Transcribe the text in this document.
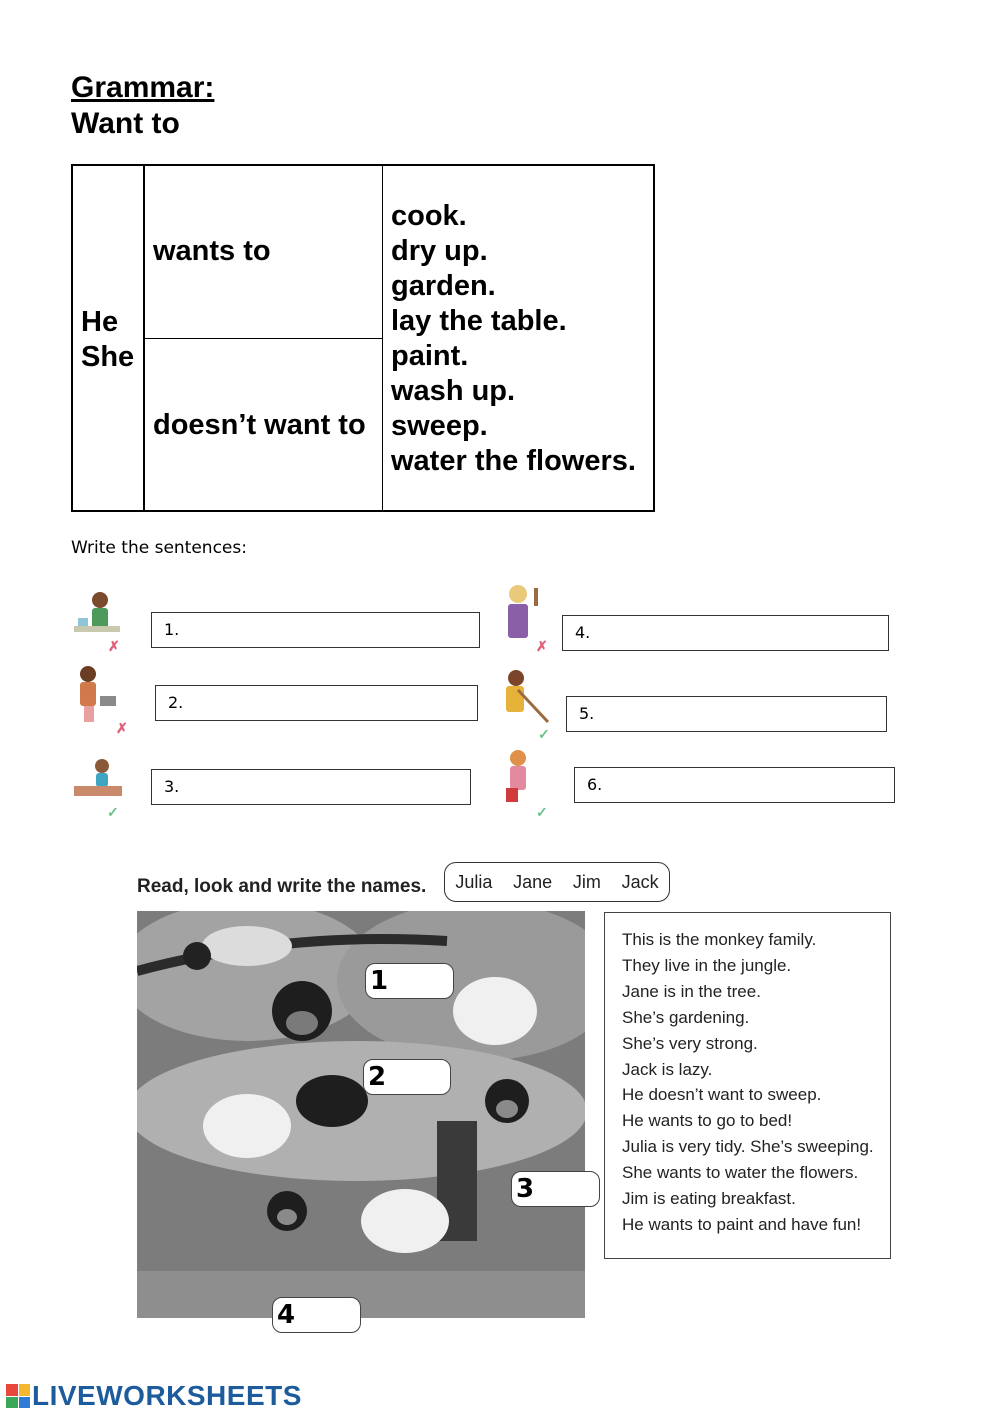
Grammar:
Want to
He
She
wants to
doesn’t want to
cook.
dry up.
garden.
lay the table.
paint.
wash up.
sweep.
water the flowers.
Write the sentences:
✗
✗
✓
✗
✓
✓
1.
2.
3.
4.
5.
6.
Read, look and write the names. Julia Jane Jim Jack
1
2
3
4
This is the monkey family.
They live in the jungle.
Jane is in the tree.
She’s gardening.
She’s very strong.
Jack is lazy.
He doesn’t want to sweep.
He wants to go to bed!
Julia is very tidy. She’s sweeping.
She wants to water the flowers.
Jim is eating breakfast.
He wants to paint and have fun!
LIVEWORKSHEETS
